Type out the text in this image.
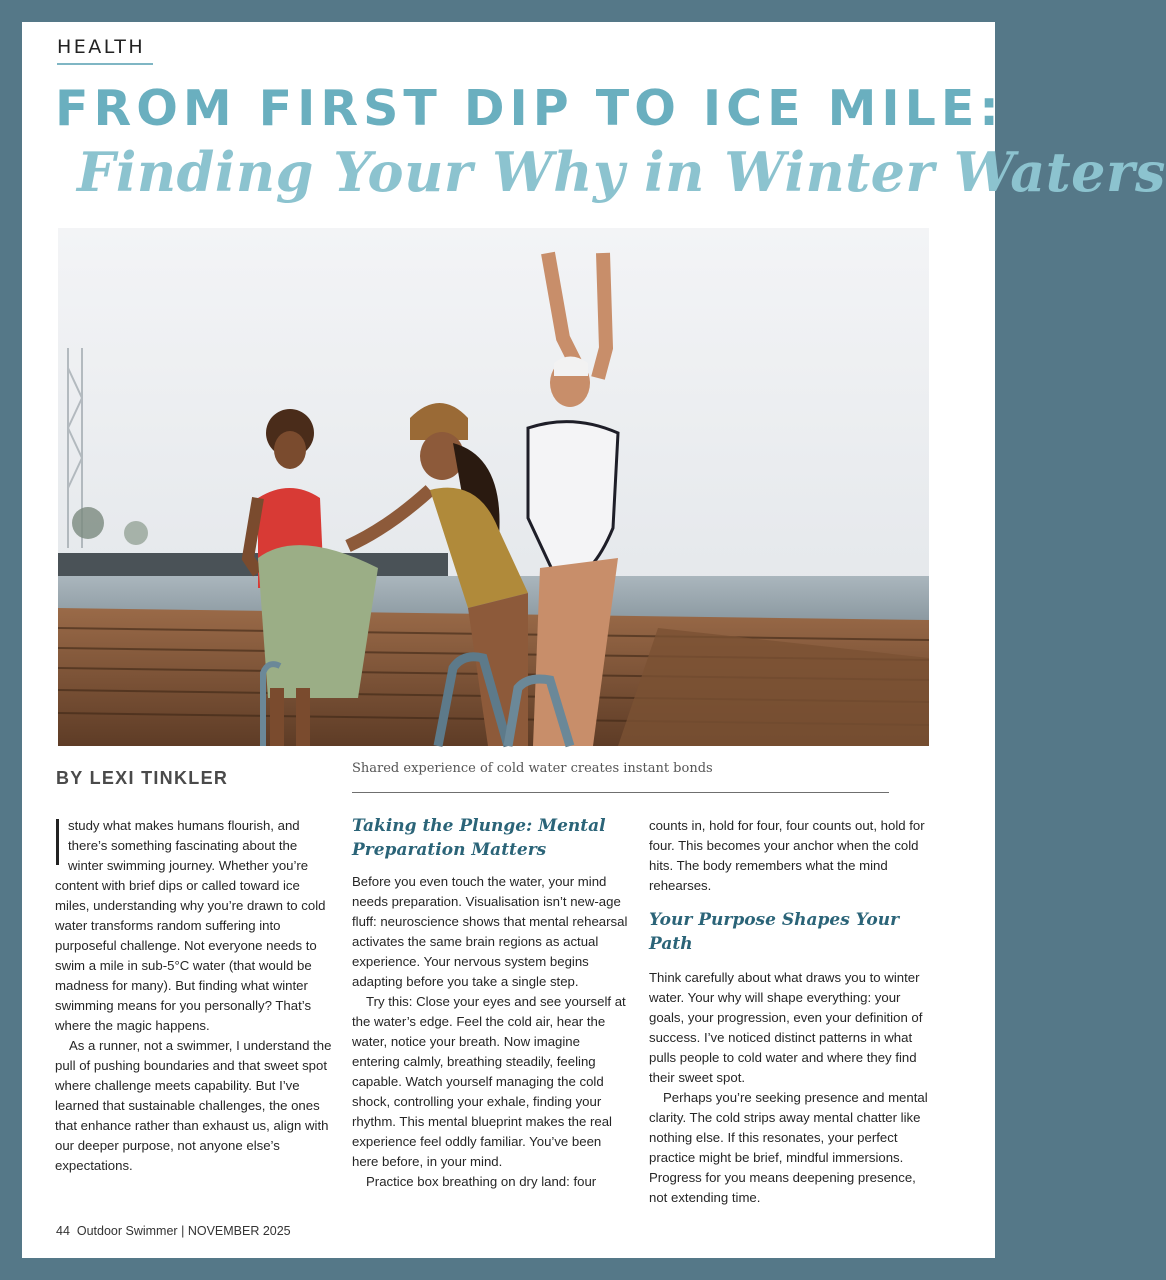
HEALTH
FROM FIRST DIP TO ICE MILE:
Finding Your Why in Winter Waters
BY LEXI TINKLER	Shared experience of cold water creates instant bonds

study what makes humans flourish, and there’s something fascinating about the winter swimming journey. Whether you’re content with brief dips or called toward ice miles, understanding why you’re drawn to cold water transforms random suffering into purposeful challenge. Not everyone needs to swim a mile in sub-5°C water (that would be madness for many). But finding what winter swimming means for you personally? That’s where the magic happens.

As a runner, not a swimmer, I understand the pull of pushing boundaries and that sweet spot where challenge meets capability. But I’ve learned that sustainable challenges, the ones that enhance rather than exhaust us, align with our deeper purpose, not anyone else’s expectations.

Taking the Plunge: Mental Preparation Matters

Before you even touch the water, your mind needs preparation. Visualisation isn’t new-age fluff: neuroscience shows that mental rehearsal activates the same brain regions as actual experience. Your nervous system begins adapting before you take a single step.

Try this: Close your eyes and see yourself at the water’s edge. Feel the cold air, hear the water, notice your breath. Now imagine entering calmly, breathing steadily, feeling capable. Watch yourself managing the cold shock, controlling your exhale, finding your rhythm. This mental blueprint makes the real experience feel oddly familiar. You’ve been here before, in your mind.

Practice box breathing on dry land: four

counts in, hold for four, four counts out, hold for four. This becomes your anchor when the cold hits. The body remembers what the mind rehearses.

Your Purpose Shapes Your Path

Think carefully about what draws you to winter water. Your why will shape everything: your goals, your progression, even your definition of success. I’ve noticed distinct patterns in what pulls people to cold water and where they find their sweet spot.

Perhaps you’re seeking presence and mental clarity. The cold strips away mental chatter like nothing else. If this resonates, your perfect practice might be brief, mindful immersions. Progress for you means deepening presence, not extending time.

44 Outdoor Swimmer | NOVEMBER 2025
